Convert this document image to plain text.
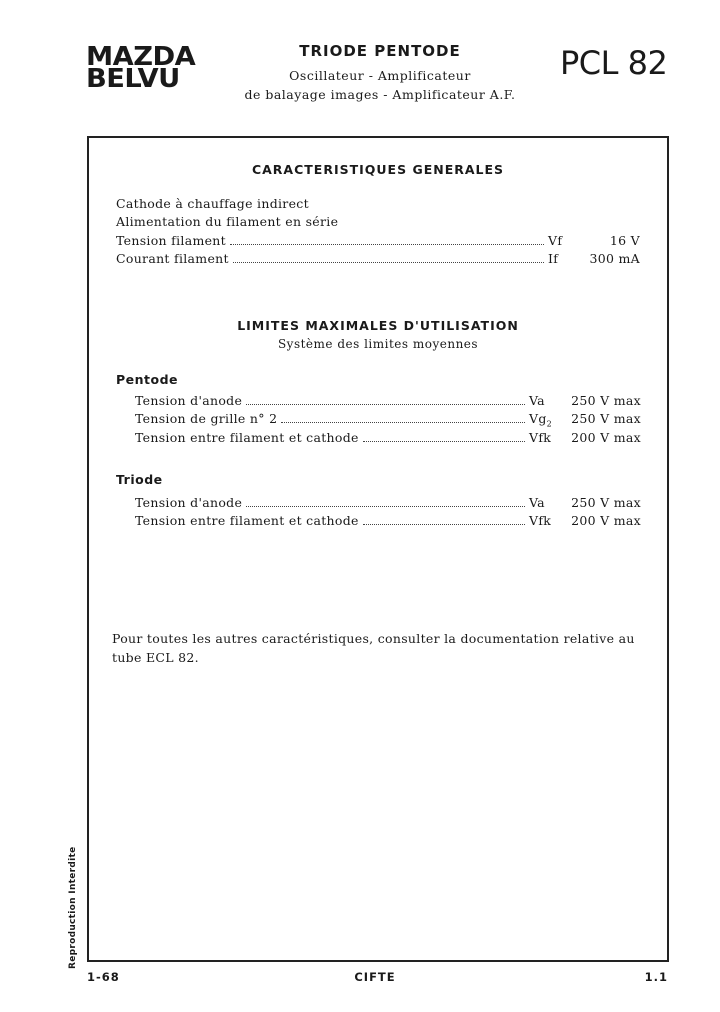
MAZDA
BELVU
TRIODE PENTODE
Oscillateur - Amplificateur
de balayage images - Amplificateur A.F.
PCL 82
CARACTERISTIQUES GENERALES
Cathode à chauffage indirect
Alimentation du filament en série
Tension filament	Vf	16 V
Courant filament	If	300 mA
LIMITES MAXIMALES D'UTILISATION
Système des limites moyennes
Pentode
Tension d'anode	Va	250 V max
Tension de grille n° 2	$Vg_2$	250 V max
Tension entre filament et cathode	Vfk	200 V max
Triode
Tension d'anode	Va	250 V max
Tension entre filament et cathode	Vfk	200 V max
Pour toutes les autres caractéristiques, consulter la documentation relative au tube ECL 82.
Reproduction Interdite
1-68	CIFTE	1.1
